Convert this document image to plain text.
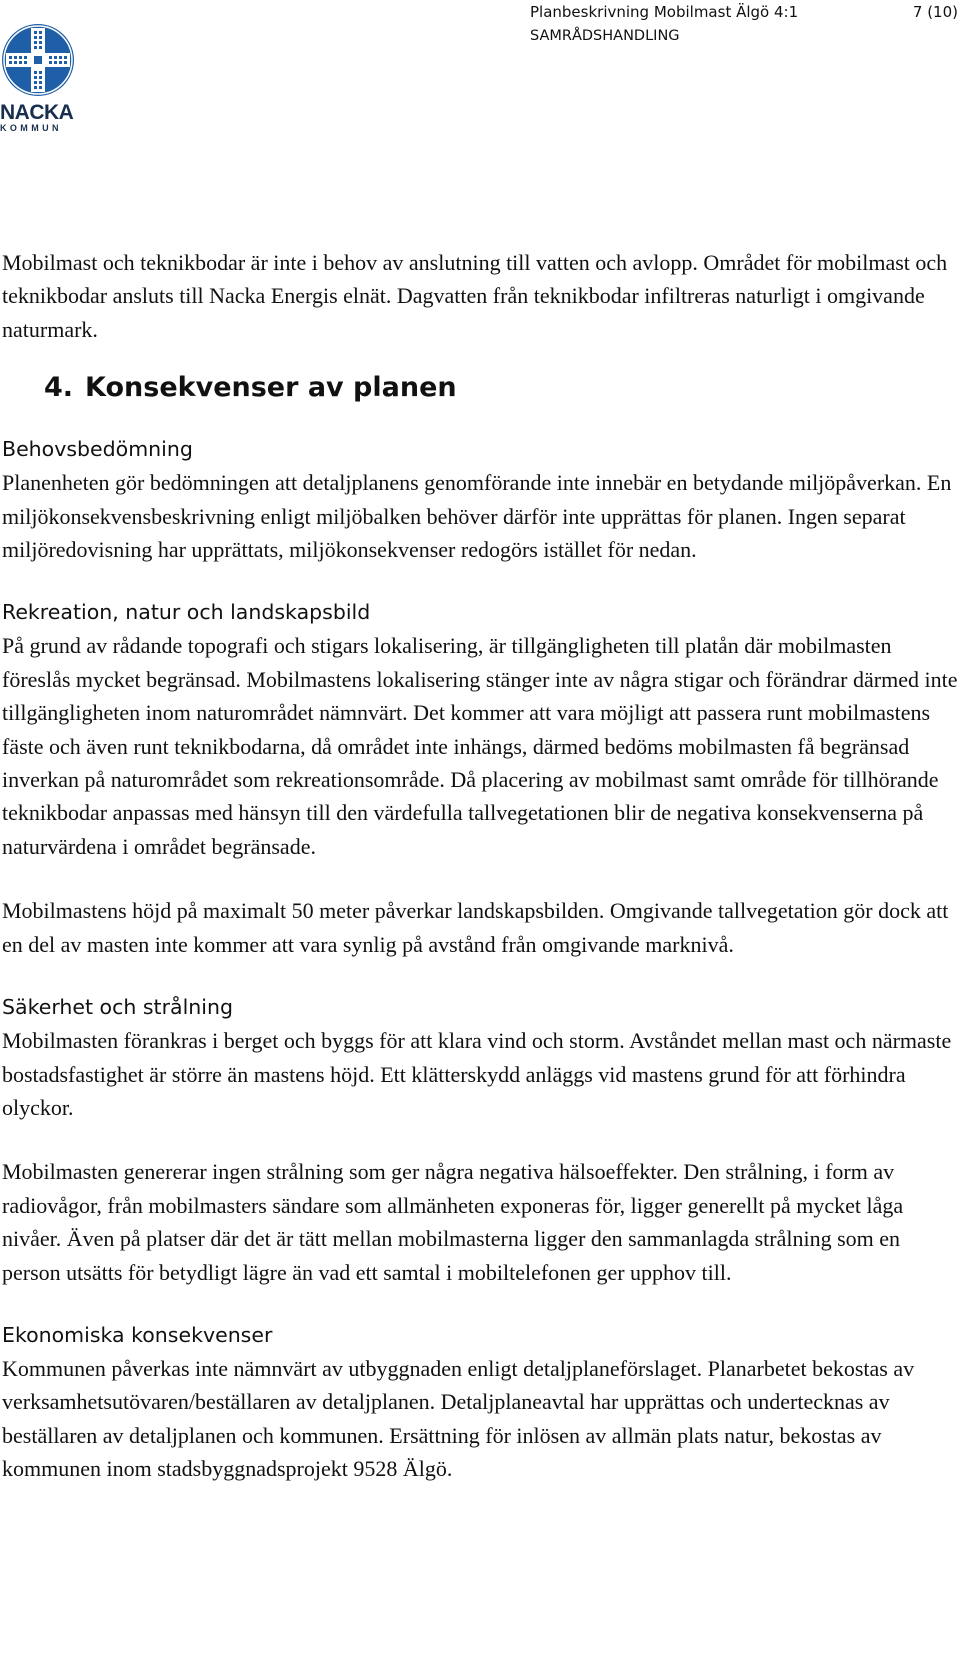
NACKA
KOMMUN
Planbeskrivning Mobilmast Älgö 4:1	7 (10)
SAMRÅDSHANDLING

Mobilmast och teknikbodar är inte i behov av anslutning till vatten och avlopp. Området för mobilmast och teknikbodar ansluts till Nacka Energis elnät. Dagvatten från teknikbodar infiltreras naturligt i omgivande naturmark.

4. Konsekvenser av planen
Behovsbedömning

Planenheten gör bedömningen att detaljplanens genomförande inte innebär en betydande miljöpåverkan. En miljökonsekvensbeskrivning enligt miljöbalken behöver därför inte upprättas för planen. Ingen separat miljöredovisning har upprättats, miljökonsekvenser redogörs istället för nedan.

Rekreation, natur och landskapsbild

På grund av rådande topografi och stigars lokalisering, är tillgängligheten till platån där mobilmasten föreslås mycket begränsad. Mobilmastens lokalisering stänger inte av några stigar och förändrar därmed inte tillgängligheten inom naturområdet nämnvärt. Det kommer att vara möjligt att passera runt mobilmastens fäste och även runt teknikbodarna, då området inte inhängs, därmed bedöms mobilmasten få begränsad inverkan på naturområdet som rekreationsområde. Då placering av mobilmast samt område för tillhörande teknikbodar anpassas med hänsyn till den värdefulla tallvegetationen blir de negativa konsekvenserna på naturvärdena i området begränsade.

Mobilmastens höjd på maximalt 50 meter påverkar landskapsbilden. Omgivande tallvegetation gör dock att en del av masten inte kommer att vara synlig på avstånd från omgivande marknivå.

Säkerhet och strålning

Mobilmasten förankras i berget och byggs för att klara vind och storm. Avståndet mellan mast och närmaste bostadsfastighet är större än mastens höjd. Ett klätterskydd anläggs vid mastens grund för att förhindra olyckor.

Mobilmasten genererar ingen strålning som ger några negativa hälsoeffekter. Den strålning, i form av radiovågor, från mobilmasters sändare som allmänheten exponeras för, ligger generellt på mycket låga nivåer. Även på platser där det är tätt mellan mobilmasterna ligger den sammanlagda strålning som en person utsätts för betydligt lägre än vad ett samtal i mobiltelefonen ger upphov till.

Ekonomiska konsekvenser

Kommunen påverkas inte nämnvärt av utbyggnaden enligt detaljplaneförslaget. Planarbetet bekostas av verksamhetsutövaren/beställaren av detaljplanen. Detaljplaneavtal har upprättas och undertecknas av beställaren av detaljplanen och kommunen. Ersättning för inlösen av allmän plats natur, bekostas av kommunen inom stadsbyggnadsprojekt 9528 Älgö.
